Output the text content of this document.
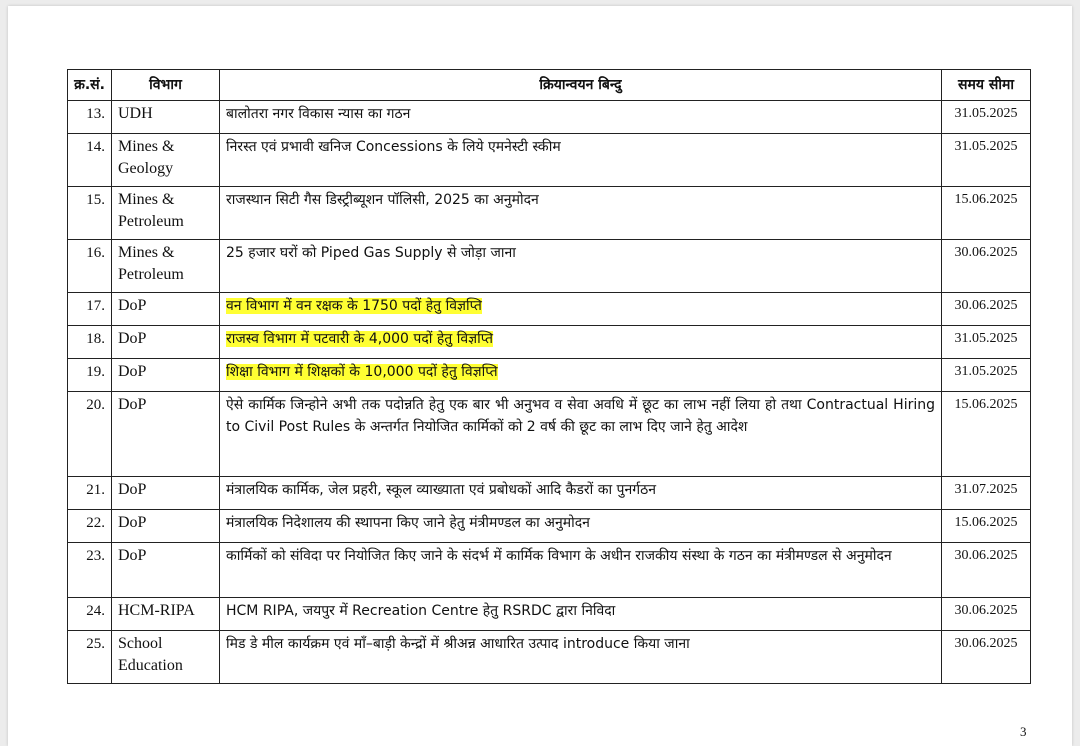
क्र.सं.	विभाग	क्रियान्वयन बिन्दु	समय सीमा
13.	UDH	बालोतरा नगर विकास न्यास का गठन	31.05.2025
14.	Mines & Geology	निरस्त एवं प्रभावी खनिज Concessions के लिये एमनेस्टी स्कीम	31.05.2025
15.	Mines & Petroleum	राजस्थान सिटी गैस डिस्ट्रीब्यूशन पॉलिसी, 2025 का अनुमोदन	15.06.2025
16.	Mines & Petroleum	25 हजार घरों को Piped Gas Supply से जोड़ा जाना	30.06.2025
17.	DoP	वन विभाग में वन रक्षक के 1750 पदों हेतु विज्ञप्ति	30.06.2025
18.	DoP	राजस्व विभाग में पटवारी के 4,000 पदों हेतु विज्ञप्ति	31.05.2025
19.	DoP	शिक्षा विभाग में शिक्षकों के 10,000 पदों हेतु विज्ञप्ति	31.05.2025
20.	DoP	ऐसे कार्मिक जिन्होने अभी तक पदोन्नति हेतु एक बार भी अनुभव व सेवा अवधि में छूट का लाभ नहीं लिया हो तथा Contractual Hiring to Civil Post Rules के अन्तर्गत नियोजित कार्मिकों को 2 वर्ष की छूट का लाभ दिए जाने हेतु आदेश	15.06.2025
21.	DoP	मंत्रालयिक कार्मिक, जेल प्रहरी, स्कूल व्याख्याता एवं प्रबोधकों आदि कैडरों का पुनर्गठन	31.07.2025
22.	DoP	मंत्रालयिक निदेशालय की स्थापना किए जाने हेतु मंत्रीमण्डल का अनुमोदन	15.06.2025
23.	DoP	कार्मिकों को संविदा पर नियोजित किए जाने के संदर्भ में कार्मिक विभाग के अधीन राजकीय संस्था के गठन का मंत्रीमण्डल से अनुमोदन	30.06.2025
24.	HCM-RIPA	HCM RIPA, जयपुर में Recreation Centre हेतु RSRDC द्वारा निविदा	30.06.2025
25.	School Education	मिड डे मील कार्यक्रम एवं माँ–बाड़ी केन्द्रों में श्रीअन्न आधारित उत्पाद introduce किया जाना	30.06.2025
3
